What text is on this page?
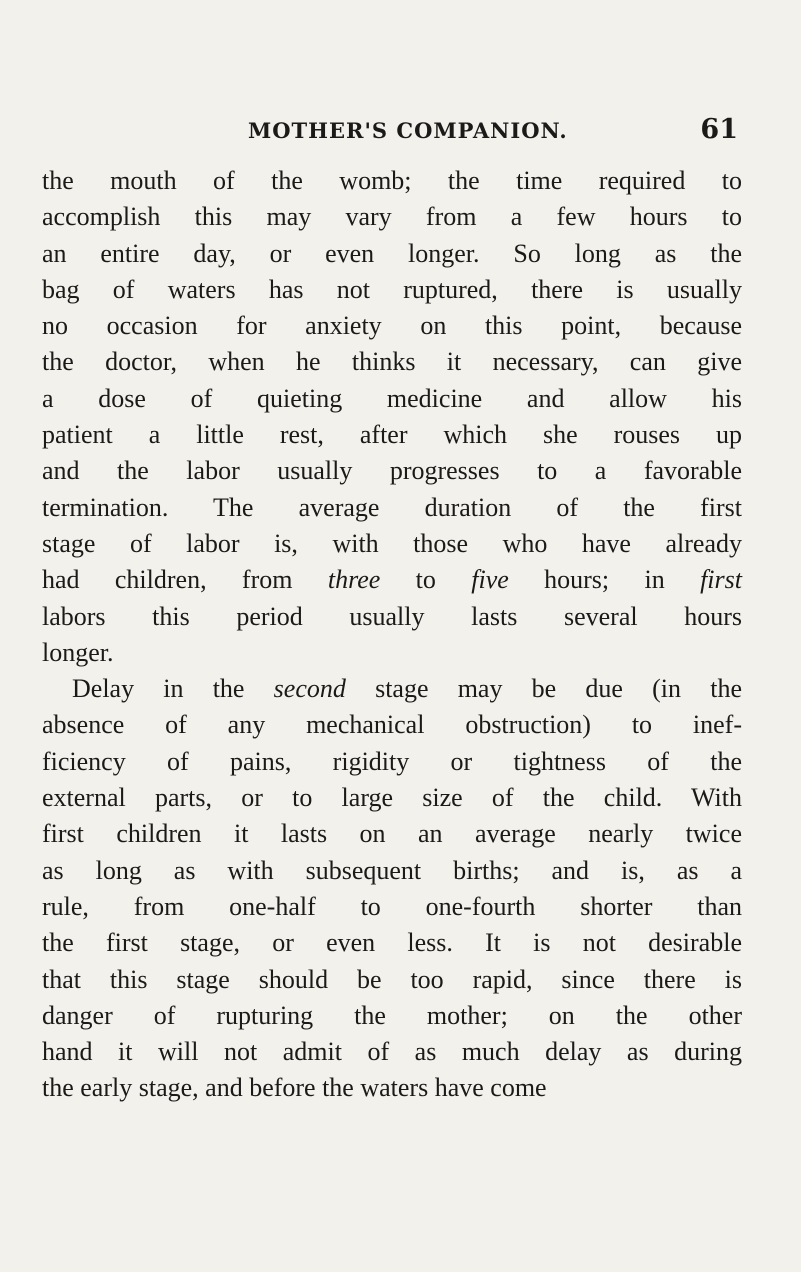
MOTHER'S COMPANION.	61
the mouth of the womb; the time required to
accomplish this may vary from a few hours to
an entire day, or even longer. So long as the
bag of waters has not ruptured, there is usually
no occasion for anxiety on this point, because
the doctor, when he thinks it necessary, can give
a dose of quieting medicine and allow his
patient a little rest, after which she rouses up
and the labor usually progresses to a favorable
termination. The average duration of the first
stage of labor is, with those who have already
had children, from three to five hours; in first
labors this period usually lasts several hours
longer.
Delay in the second stage may be due (in the
absence of any mechanical obstruction) to inef-
ficiency of pains, rigidity or tightness of the
external parts, or to large size of the child. With
first children it lasts on an average nearly twice
as long as with subsequent births; and is, as a
rule, from one-half to one-fourth shorter than
the first stage, or even less. It is not desirable
that this stage should be too rapid, since there is
danger of rupturing the mother; on the other
hand it will not admit of as much delay as during
the early stage, and before the waters have come
